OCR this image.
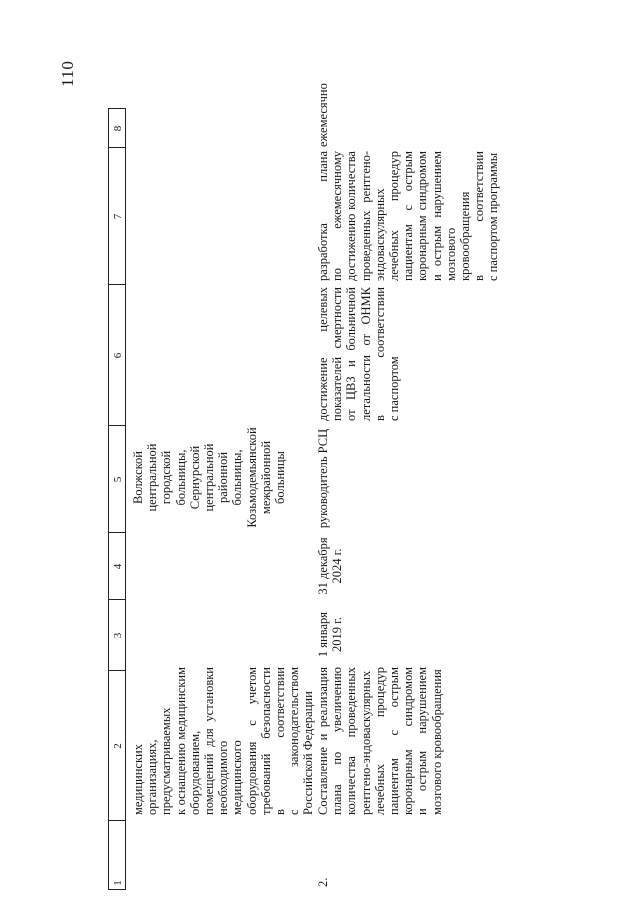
110
1
2
3
4
5
6
7
8
медицинских организациях, предусматриваемых к оснащению медицинским оборудованием, помещений для установки необходимого медицинского оборудования с учетом требований безопасности в соответствии с законодательством Российской Федерации
Волжской центральной городской больницы, Сернурской центральной районной больницы, Козьмодемьянской межрайонной больницы
2.
Составление и реализация плана по увеличению количества проведенных рентгено-эндоваскулярных лечебных процедур пациентам с острым коронарным синдромом и острым нарушением мозгового кровообращения
1 января 2019 г.
31 декабря 2024 г.
руководитель РСЦ
достижение целевых показателей смертности от ЦВЗ и больничной летальности от ОНМК в соответствии с паспортом
разработка плана по ежемесячному достижению количества проведенных рентгено- эндоваскулярных лечебных процедур пациентам с острым коронарным синдромом и острым нарушением мозгового кровообращения в соответствии с паспортом программы
ежемесячно
